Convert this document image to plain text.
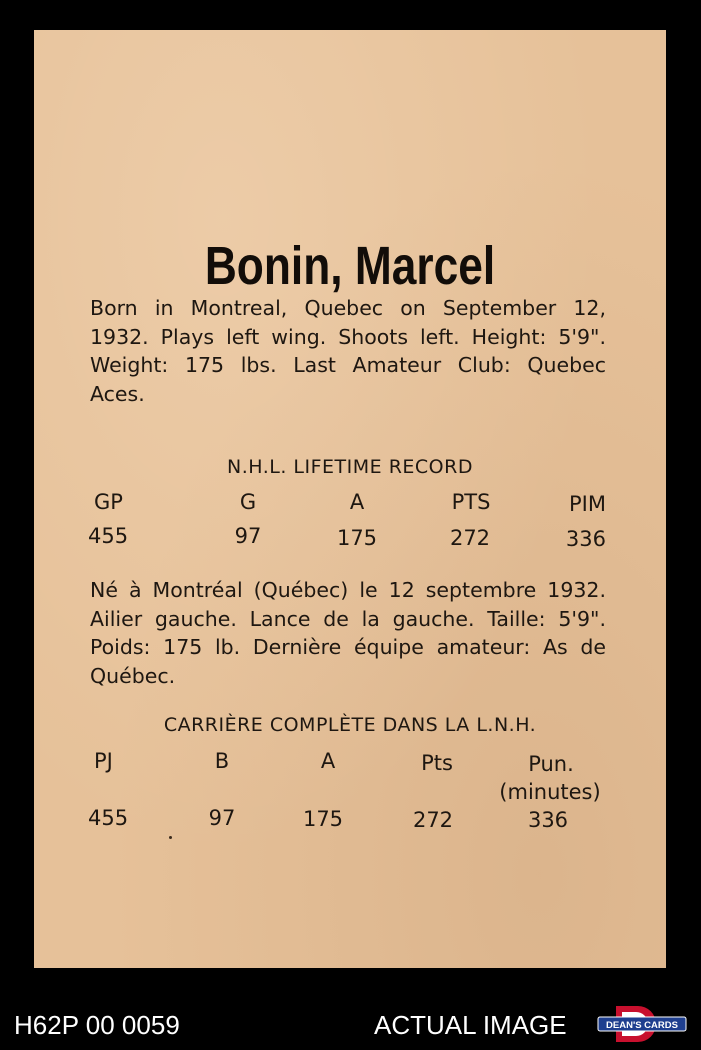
Bonin, Marcel
Born in Montreal, Quebec on September 12, 1932. Plays left wing. Shoots left. Height: 5'9". Weight: 175 lbs. Last Amateur Club: Quebec Aces.
N.H.L. LIFETIME RECORD
GP	G	A	PTS	PIM
455	97	175	272	336
Né à Montréal (Québec) le 12 septembre 1932. Ailier gauche. Lance de la gauche. Taille: 5'9". Poids: 175 lb. Dernière équipe amateur: As de Québec.
CARRIÈRE COMPLÈTE DANS LA L.N.H.
PJ	B	A	Pts	Pun.
(minutes)
455	97	175	272	336
H62P 00 0059	ACTUAL IMAGE	DEAN'S CARDS
